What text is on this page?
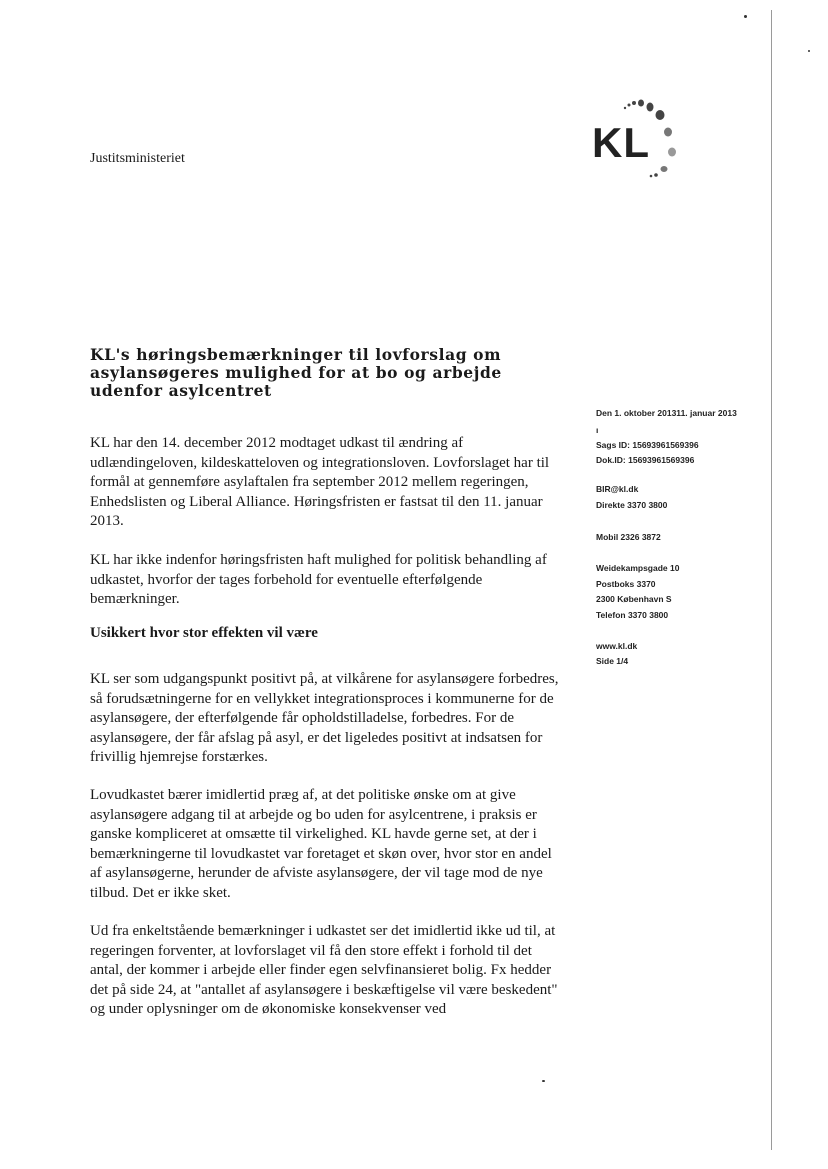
Justitsministeriet	KL
KL's høringsbemærkninger til lovforslag om asylansøgeres mulighed for at bo og arbejde udenfor asylcentret
KL har den 14. december 2012 modtaget udkast til ændring af udlændingeloven, kildeskatteloven og integrationsloven. Lovforslaget har til formål at gennemføre asylaftalen fra september 2012 mellem regeringen, Enhedslisten og Liberal Alliance. Høringsfristen er fastsat til den 11. januar 2013.
KL har ikke indenfor høringsfristen haft mulighed for politisk behandling af udkastet, hvorfor der tages forbehold for eventuelle efterfølgende bemærkninger.
Usikkert hvor stor effekten vil være
KL ser som udgangspunkt positivt på, at vilkårene for asylansøgere forbedres, så forudsætningerne for en vellykket integrationsproces i kommunerne for de asylansøgere, der efterfølgende får opholdstilladelse, forbedres. For de asylansøgere, der får afslag på asyl, er det ligeledes positivt at indsatsen for frivillig hjemrejse forstærkes.
Lovudkastet bærer imidlertid præg af, at det politiske ønske om at give asylansøgere adgang til at arbejde og bo uden for asylcentrene, i praksis er ganske kompliceret at omsætte til virkelighed. KL havde gerne set, at der i bemærkningerne til lovudkastet var foretaget et skøn over, hvor stor en andel af asylansøgerne, herunder de afviste asylansøgere, der vil tage mod de nye tilbud. Det er ikke sket.
Ud fra enkeltstående bemærkninger i udkastet ser det imidlertid ikke ud til, at regeringen forventer, at lovforslaget vil få den store effekt i forhold til det antal, der kommer i arbejde eller finder egen selvfinansieret bolig. Fx hedder det på side 24, at "antallet af asylansøgere i beskæftigelse vil være beskedent" og under oplysninger om de økonomiske konsekvenser ved
Den 1. oktober 201311. januar 2013
ı
Sags ID: 15693961569396
Dok.ID: 15693961569396
BIR@kl.dk
Direkte 3370 3800
Mobil 2326 3872
Weidekampsgade 10
Postboks 3370
2300 København S
Telefon 3370 3800
www.kl.dk
Side 1/4
